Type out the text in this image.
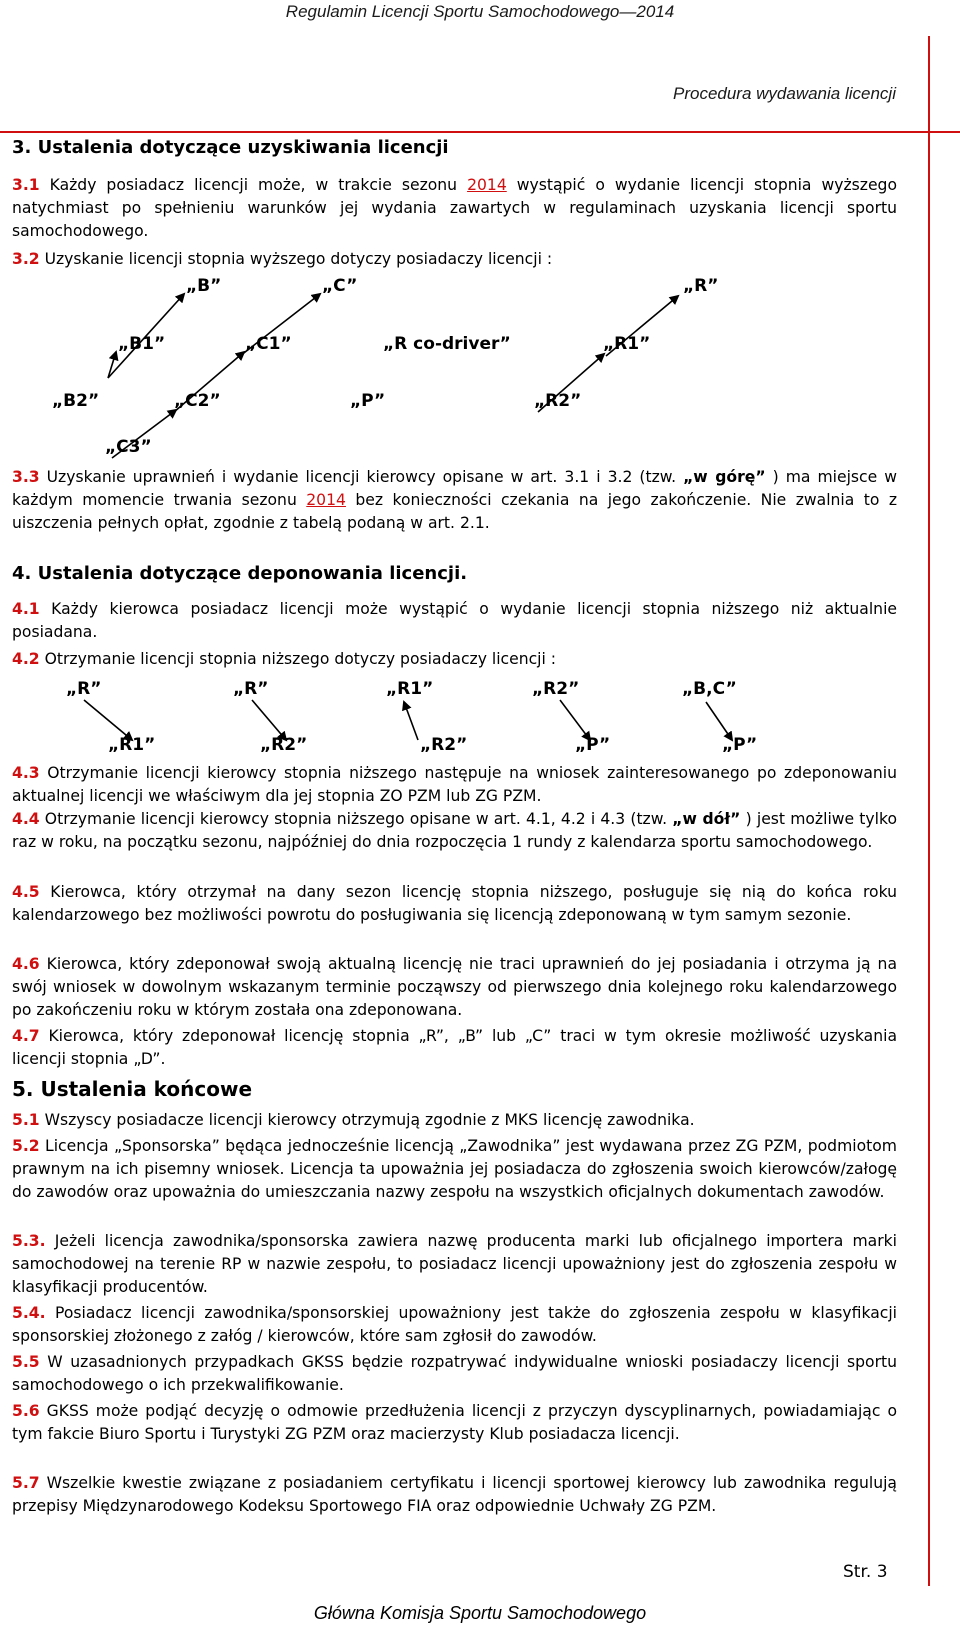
Regulamin Licencji Sportu Samochodowego—2014
Procedura wydawania licencji
3. Ustalenia dotyczące uzyskiwania licencji
3.1 Każdy posiadacz licencji może, w trakcie sezonu 2014 wystąpić o wydanie licencji stopnia wyższego natychmiast po spełnieniu warunków jej wydania zawartych w regulaminach uzyskania licencji sportu samochodowego.
3.2 Uzyskanie licencji stopnia wyższego dotyczy posiadaczy licencji :
„B”	„C”	„R”
„B1”	„C1”	„R co-driver”	„R1”
„B2”	„C2”	„P”	„R2”
„C3”
3.3 Uzyskanie uprawnień i wydanie licencji kierowcy opisane w art. 3.1 i 3.2 (tzw. „w górę” ) ma miejsce w każdym momencie trwania sezonu 2014 bez konieczności czekania na jego zakończenie. Nie zwalnia to z uiszczenia pełnych opłat, zgodnie z tabelą podaną w art. 2.1.
4. Ustalenia dotyczące deponowania licencji.
4.1 Każdy kierowca posiadacz licencji może wystąpić o wydanie licencji stopnia niższego niż aktualnie posiadana.
4.2 Otrzymanie licencji stopnia niższego dotyczy posiadaczy licencji :
„R”	„R”	„R1”	„R2”	„B,C”
„R1”	„R2”	„R2”	„P”	„P”
4.3 Otrzymanie licencji kierowcy stopnia niższego następuje na wniosek zainteresowanego po zdeponowaniu aktualnej licencji we właściwym dla jej stopnia ZO PZM lub ZG PZM.
4.4 Otrzymanie licencji kierowcy stopnia niższego opisane w art. 4.1, 4.2 i 4.3 (tzw. „w dół” ) jest możliwe tylko raz w roku, na początku sezonu, najpóźniej do dnia rozpoczęcia 1 rundy z kalendarza sportu samochodowego.
4.5 Kierowca, który otrzymał na dany sezon licencję stopnia niższego, posługuje się nią do końca roku kalendarzowego bez możliwości powrotu do posługiwania się licencją zdeponowaną w tym samym sezonie.
4.6 Kierowca, który zdeponował swoją aktualną licencję nie traci uprawnień do jej posiadania i otrzyma ją na swój wniosek w dowolnym wskazanym terminie począwszy od pierwszego dnia kolejnego roku kalendarzowego po zakończeniu roku w którym została ona zdeponowana.
4.7 Kierowca, który zdeponował licencję stopnia „R”, „B” lub „C” traci w tym okresie możliwość uzyskania licencji stopnia „D”.
5. Ustalenia końcowe
5.1 Wszyscy posiadacze licencji kierowcy otrzymują zgodnie z MKS licencję zawodnika.
5.2 Licencja „Sponsorska” będąca jednocześnie licencją „Zawodnika” jest wydawana przez ZG PZM, podmiotom prawnym na ich pisemny wniosek. Licencja ta upoważnia jej posiadacza do zgłoszenia swoich kierowców/załogę do zawodów oraz upoważnia do umieszczania nazwy zespołu na wszystkich oficjalnych dokumentach zawodów.
5.3. Jeżeli licencja zawodnika/sponsorska zawiera nazwę producenta marki lub oficjalnego importera marki samochodowej na terenie RP w nazwie zespołu, to posiadacz licencji upoważniony jest do zgłoszenia zespołu w klasyfikacji producentów.
5.4. Posiadacz licencji zawodnika/sponsorskiej upoważniony jest także do zgłoszenia zespołu w klasyfikacji sponsorskiej złożonego z załóg / kierowców, które sam zgłosił do zawodów.
5.5 W uzasadnionych przypadkach GKSS będzie rozpatrywać indywidualne wnioski posiadaczy licencji sportu samochodowego o ich przekwalifikowanie.
5.6 GKSS może podjąć decyzję o odmowie przedłużenia licencji z przyczyn dyscyplinarnych, powiadamiając o tym fakcie Biuro Sportu i Turystyki ZG PZM oraz macierzysty Klub posiadacza licencji.
5.7 Wszelkie kwestie związane z posiadaniem certyfikatu i licencji sportowej kierowcy lub zawodnika regulują przepisy Międzynarodowego Kodeksu Sportowego FIA oraz odpowiednie Uchwały ZG PZM.
Str. 3
Główna Komisja Sportu Samochodowego
